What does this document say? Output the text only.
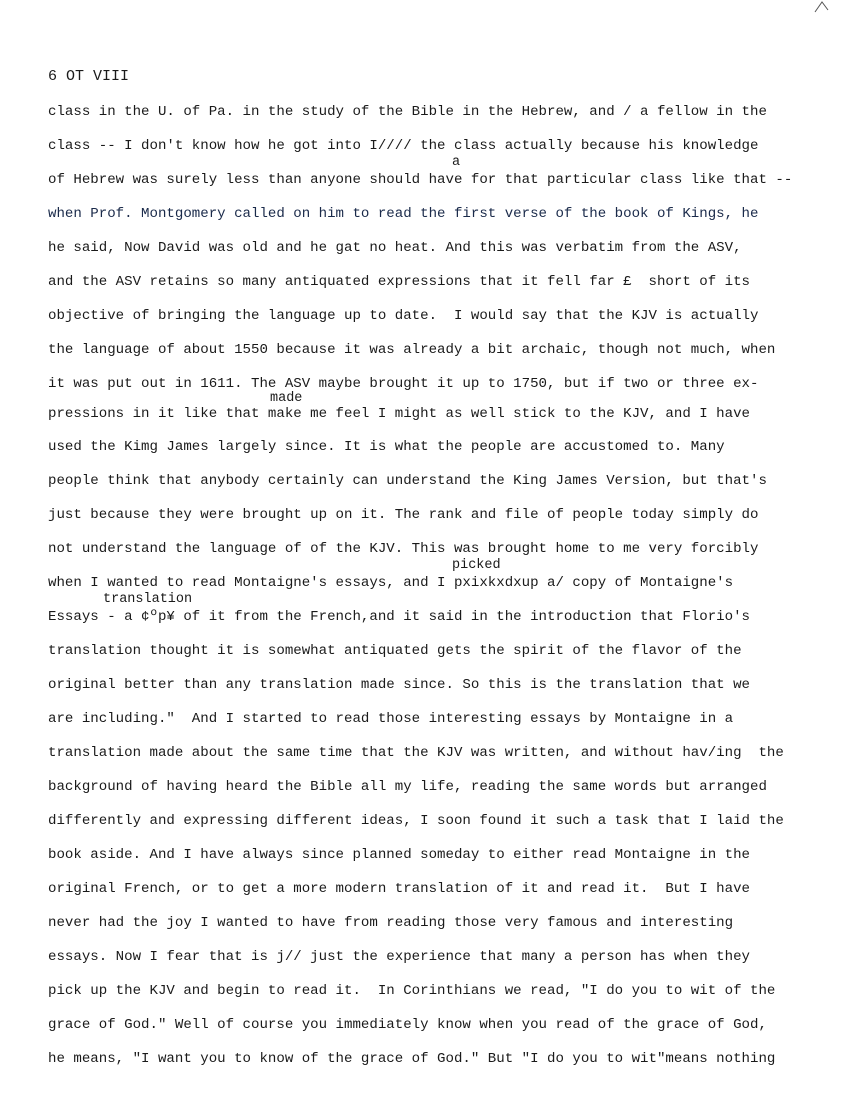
6 OT VIII
class in the U. of Pa. in the study of the Bible in the Hebrew, and / a fellow in the
class -- I don't know how he got into I//// the class actually because his knowledge
of Hebrew was surely less than anyone should have for that particular class like that --
when Prof. Montgomery called on him to read the first verse of the book of Kings, he
he said, Now David was old and he gat no heat. And this was verbatim from the ASV,
and the ASV retains so many antiquated expressions that it fell far £  short of its
objective of bringing the language up to date.  I would say that the KJV is actually
the language of about 1550 because it was already a bit archaic, though not much, when
it was put out in 1611. The ASV maybe brought it up to 1750, but if two or three ex-
pressions in it like that make me feel I might as well stick to the KJV, and I have
used the Kimg James largely since. It is what the people are accustomed to. Many
people think that anybody certainly can understand the King James Version, but that's
just because they were brought up on it. The rank and file of people today simply do
not understand the language of of the KJV. This was brought home to me very forcibly
when I wanted to read Montaigne's essays, and I pxixkxdxup a/ copy of Montaigne's
Essays - a ¢ºp¥ of it from the French,and it said in the introduction that Florio's
translation thought it is somewhat antiquated gets the spirit of the flavor of the
original better than any translation made since. So this is the translation that we
are including."  And I started to read those interesting essays by Montaigne in a
translation made about the same time that the KJV was written, and without hav/ing  the
background of having heard the Bible all my life, reading the same words but arranged
differently and expressing different ideas, I soon found it such a task that I laid the
book aside. And I have always since planned someday to either read Montaigne in the
original French, or to get a more modern translation of it and read it.  But I have
never had the joy I wanted to have from reading those very famous and interesting
essays. Now I fear that is j// just the experience that many a person has when they
pick up the KJV and begin to read it.  In Corinthians we read, "I do you to wit of the
grace of God." Well of course you immediately know when you read of the grace of God,
he means, "I want you to know of the grace of God." But "I do you to wit"means nothing
a
made
picked
translation
